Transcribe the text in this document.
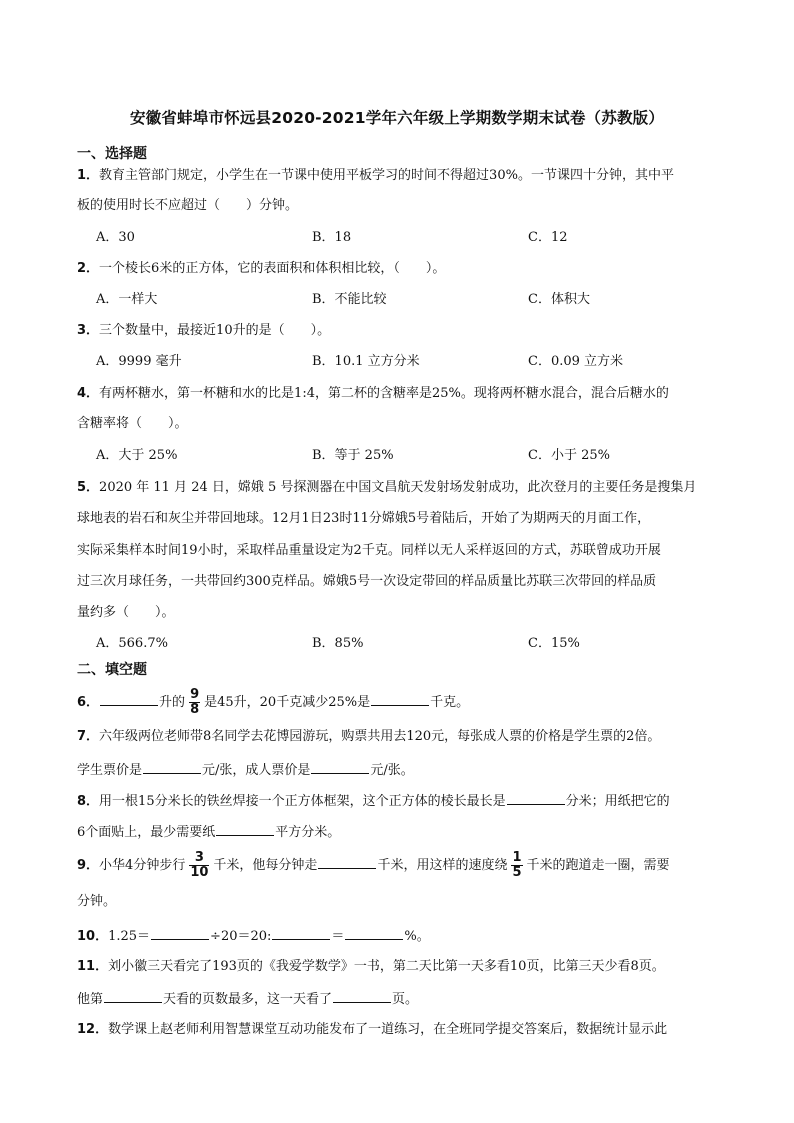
安徽省蚌埠市怀远县2020-2021学年六年级上学期数学期末试卷（苏教版）
一、选择题
1．教育主管部门规定，小学生在一节课中使用平板学习的时间不得超过30%。一节课四十分钟，其中平
板的使用时长不应超过（　　）分钟。
A．30	B．18	C．12
2．一个棱长6米的正方体，它的表面积和体积相比较，（　　）。
A．一样大	B．不能比较	C．体积大
3．三个数量中，最接近10升的是（　　）。
A．9999 毫升	B．10.1 立方分米	C．0.09 立方米
4．有两杯糖水，第一杯糖和水的比是1:4，第二杯的含糖率是25%。现将两杯糖水混合，混合后糖水的
含糖率将（　　）。
A．大于 25%	B．等于 25%	C．小于 25%
5．2020 年 11 月 24 日，嫦娥 5 号探测器在中国文昌航天发射场发射成功，此次登月的主要任务是搜集月
球地表的岩石和灰尘并带回地球。12月1日23时11分嫦娥5号着陆后，开始了为期两天的月面工作，
实际采集样本时间19小时，采取样品重量设定为2千克。同样以无人采样返回的方式，苏联曾成功开展
过三次月球任务，一共带回约300克样品。嫦娥5号一次设定带回的样品质量比苏联三次带回的样品质
量约多（　　）。
A．566.7%	B．85%	C．15%
二、填空题
6．	升的 $\frac{9}{8}$ 是45升，20千克减少25%是	千克。
7．六年级两位老师带8名同学去花博园游玩，购票共用去120元，每张成人票的价格是学生票的2倍。
学生票价是	元/张，成人票价是	元/张。
8．用一根15分米长的铁丝焊接一个正方体框架，这个正方体的棱长最长是	分米；用纸把它的
6个面贴上，最少需要纸	平方分米。
9．小华4分钟步行 $\frac{3}{10}$ 千米，他每分钟走	千米，用这样的速度绕 $\frac{1}{5}$ 千米的跑道走一圈，需要
分钟。
10．1.25＝	÷20＝20:	＝	%。
11．刘小徽三天看完了193页的《我爱学数学》一书，第二天比第一天多看10页，比第三天少看8页。
他第	天看的页数最多，这一天看了	页。
12．数学课上赵老师利用智慧课堂互动功能发布了一道练习，在全班同学提交答案后，数据统计显示此
